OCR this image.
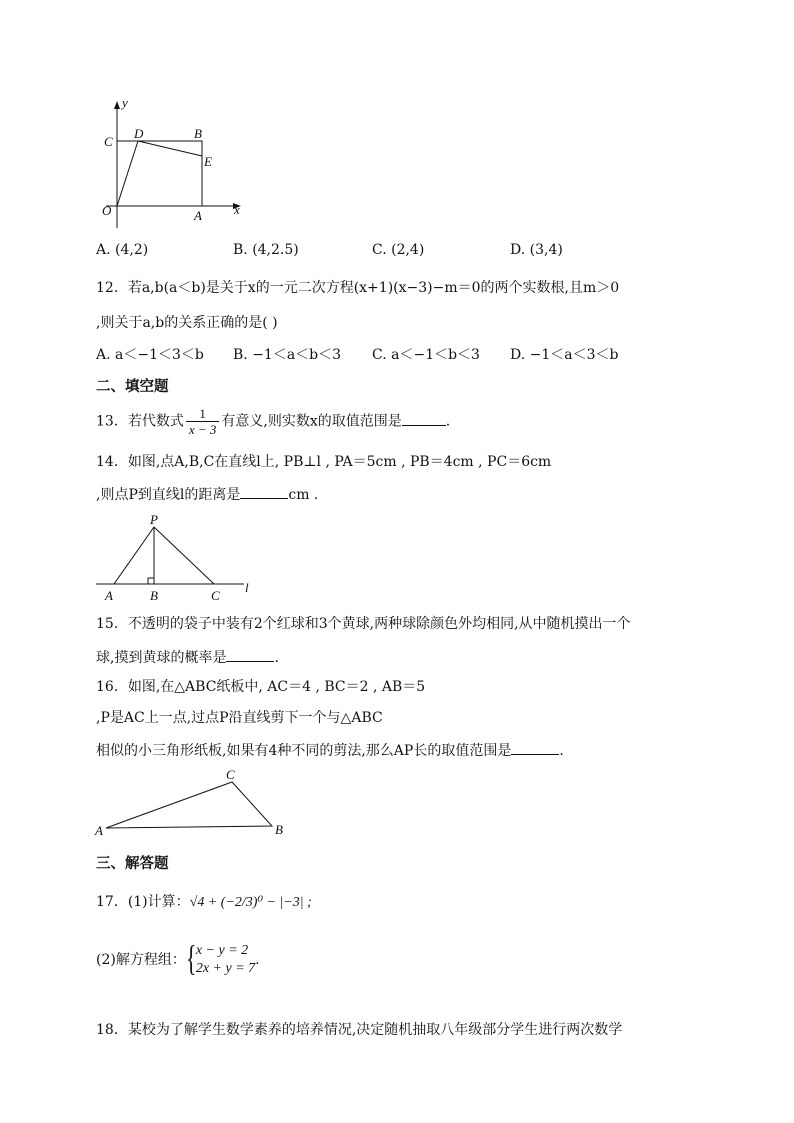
y
x
C
D	B
E
O	A
A. (4,2)	B. (4,2.5)	C. (2,4)	D. (3,4)
12．若a,b(a＜b)是关于x的一元二次方程(x+1)(x−3)−m＝0的两个实数根,且m＞0
,则关于a,b的关系正确的是( )
A. a＜−1＜3＜b B. −1＜a＜b＜3 C. a＜−1＜b＜3 D. −1＜a＜3＜b
二、填空题
13．若代数式 $\frac{1}{x - 3}$ 有意义,则实数x的取值范围是	.
14．如图,点A,B,C在直线l上, PB⊥l , PA＝5cm , PB＝4cm , PC＝6cm
,则点P到直线l的距离是	cm .
P
A	B	C
l
15．不透明的袋子中装有2个红球和3个黄球,两种球除颜色外均相同,从中随机摸出一个
球,摸到黄球的概率是	.
16．如图,在△ABC纸板中, AC＝4 , BC＝2 , AB＝5
,P是AC上一点,过点P沿直线剪下一个与△ABC
相似的小三角形纸板,如果有4种不同的剪法,那么AP长的取值范围是	.
A
C
B
三、解答题
17．(1)计算：√4 + (−2/3)⁰ − |−3| ;
(2)解方程组： { x − y = 2
2x + y = 7
.
18．某校为了解学生数学素养的培养情况,决定随机抽取八年级部分学生进行两次数学
